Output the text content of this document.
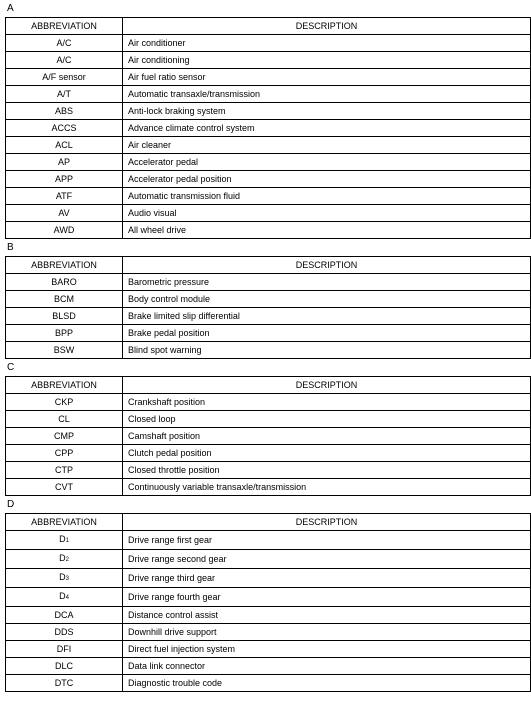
A
ABBREVIATION	DESCRIPTION
A/C	Air conditioner
A/C	Air conditioning
A/F sensor	Air fuel ratio sensor
A/T	Automatic transaxle/transmission
ABS	Anti-lock braking system
ACCS	Advance climate control system
ACL	Air cleaner
AP	Accelerator pedal
APP	Accelerator pedal position
ATF	Automatic transmission fluid
AV	Audio visual
AWD	All wheel drive
B
ABBREVIATION	DESCRIPTION
BARO	Barometric pressure
BCM	Body control module
BLSD	Brake limited slip differential
BPP	Brake pedal position
BSW	Blind spot warning
C
ABBREVIATION	DESCRIPTION
CKP	Crankshaft position
CL	Closed loop
CMP	Camshaft position
CPP	Clutch pedal position
CTP	Closed throttle position
CVT	Continuously variable transaxle/transmission
D
ABBREVIATION	DESCRIPTION
D1	Drive range first gear
D2	Drive range second gear
D3	Drive range third gear
D4	Drive range fourth gear
DCA	Distance control assist
DDS	Downhill drive support
DFI	Direct fuel injection system
DLC	Data link connector
DTC	Diagnostic trouble code
